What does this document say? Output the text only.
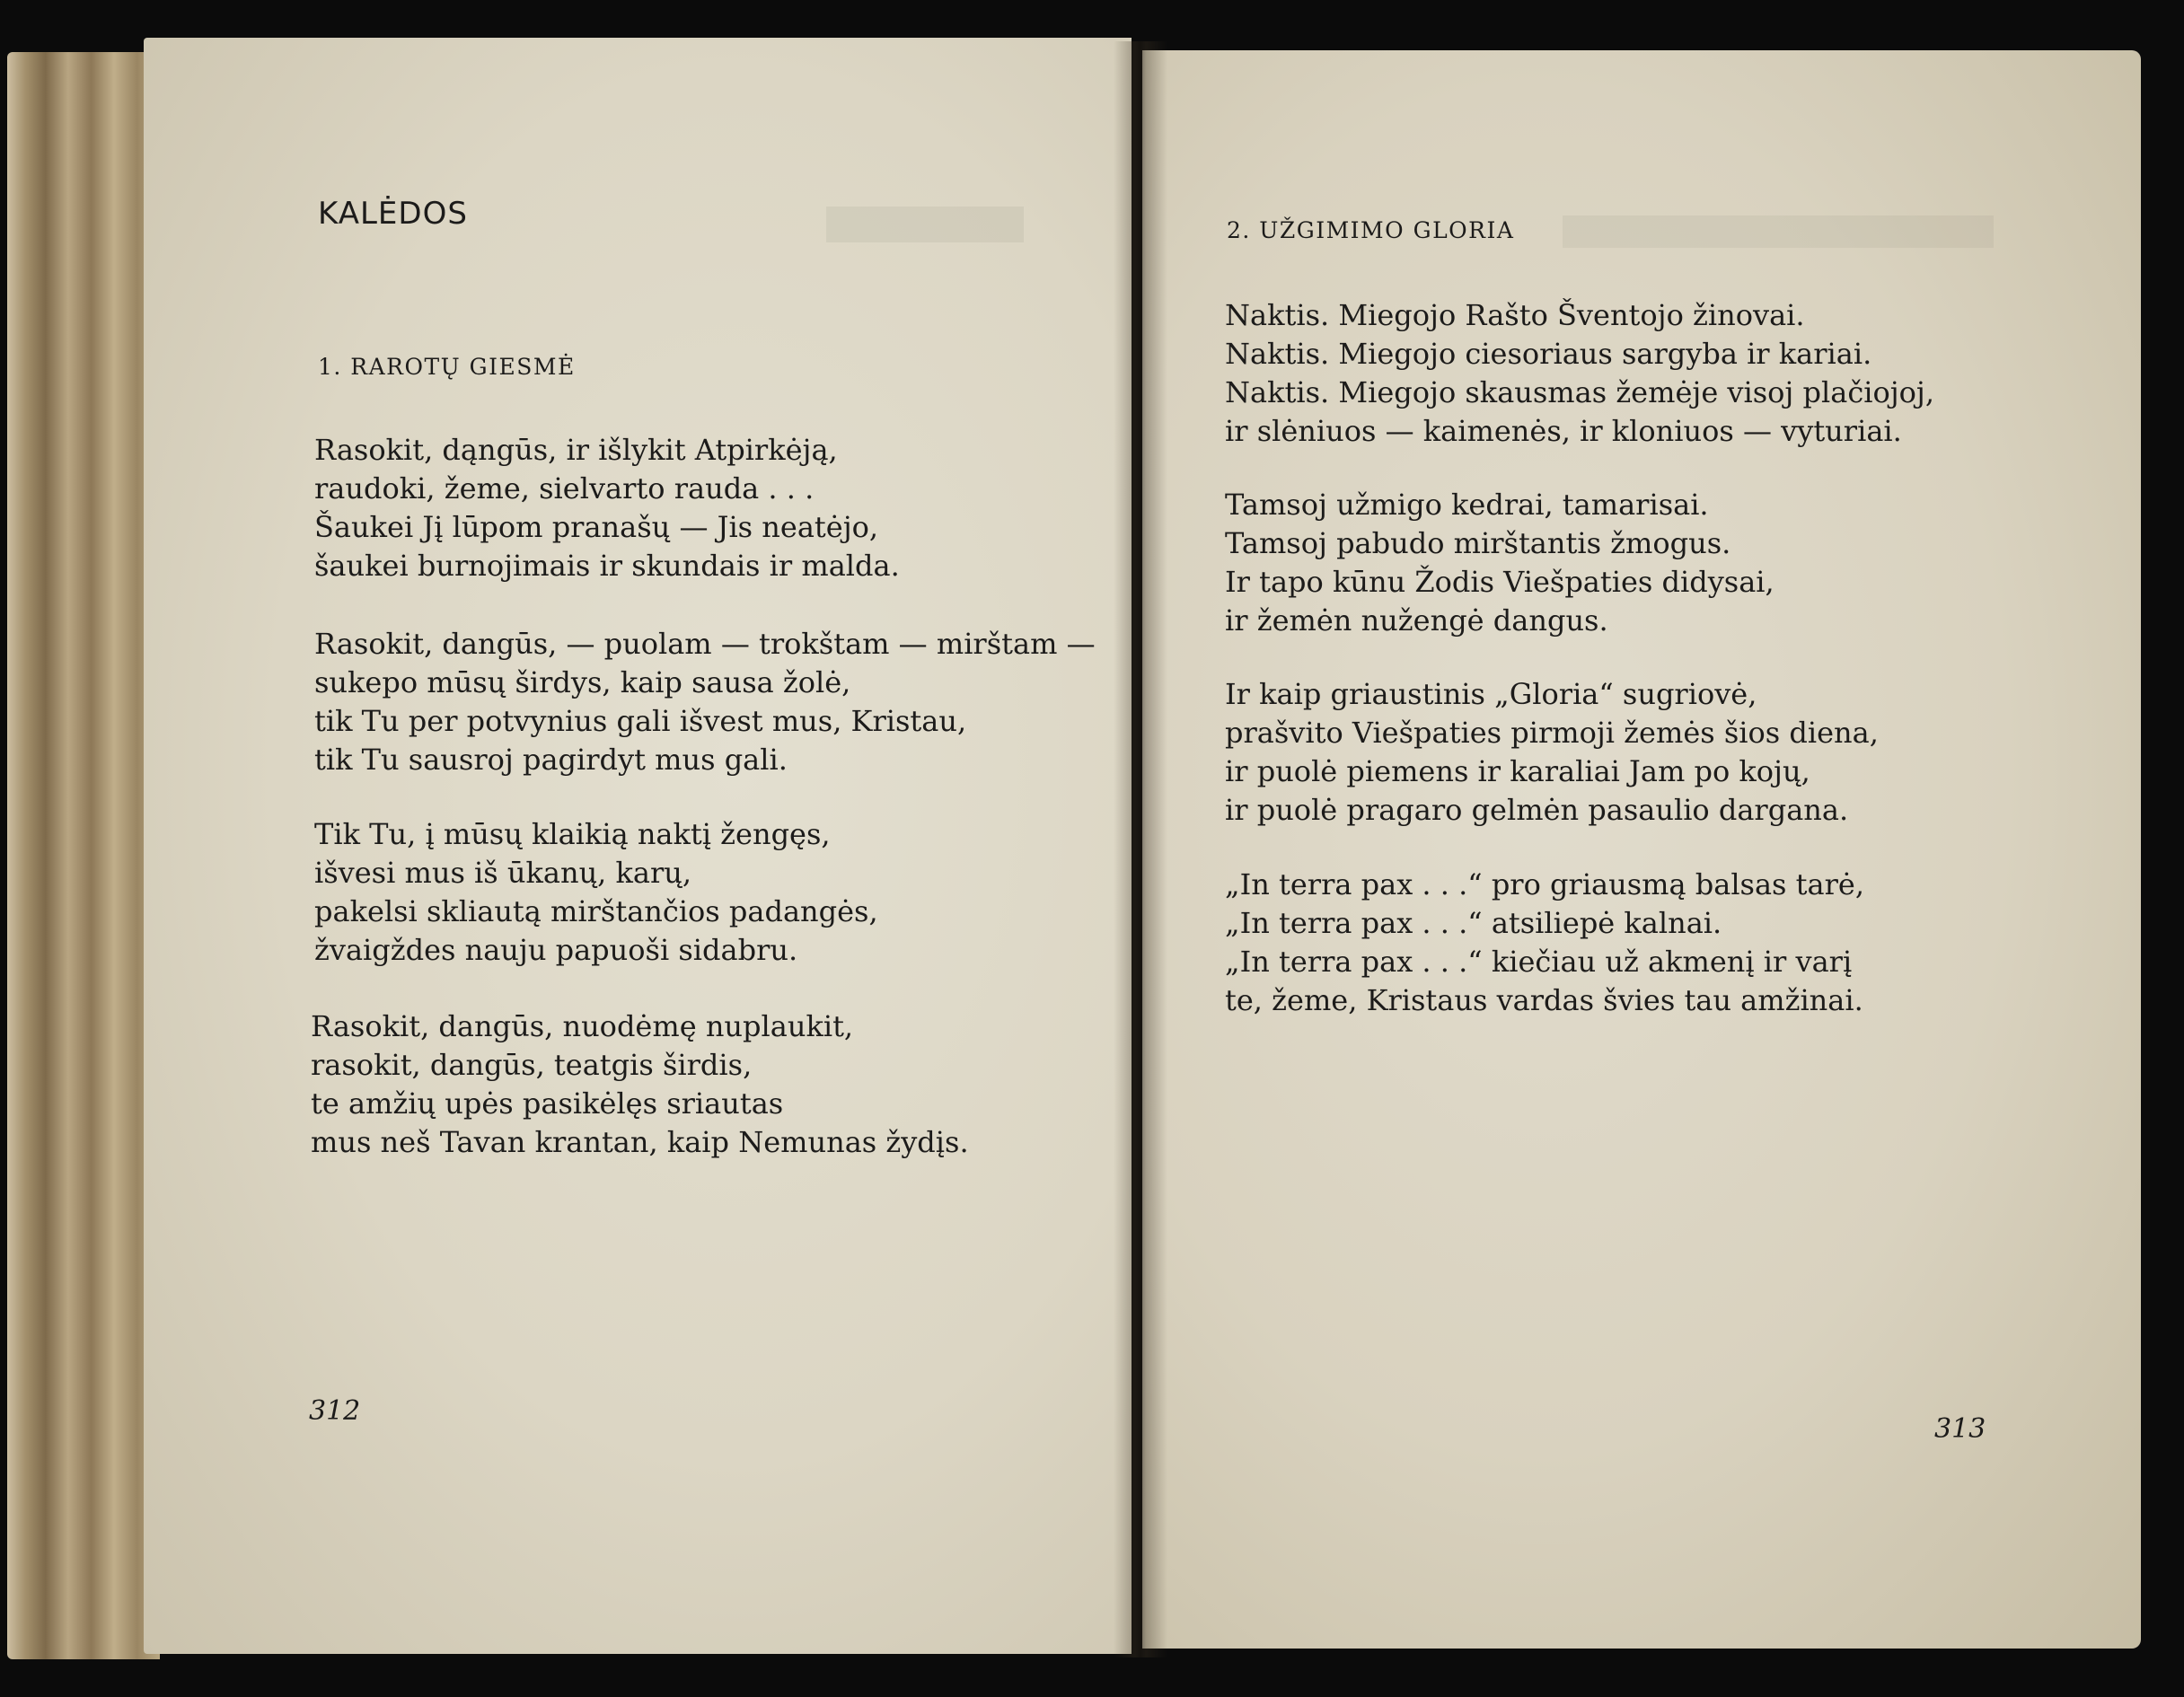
KALĖDOS
1. RAROTŲ GIESMĖ
Rasokit, dąngūs, ir išlykit Atpirkėją,
raudoki, žeme, sielvarto rauda . . .
Šaukei Jį lūpom pranašų — Jis neatėjo,
šaukei burnojimais ir skundais ir malda.
Rasokit, dangūs, — puolam — trokštam — mirštam —
sukepo mūsų širdys, kaip sausa žolė,
tik Tu per potvynius gali išvest mus, Kristau,
tik Tu sausroj pagirdyt mus gali.
Tik Tu, į mūsų klaikią naktį žengęs,
išvesi mus iš ūkanų, karų,
pakelsi skliautą mirštančios padangės,
žvaigždes nauju papuoši sidabru.
Rasokit, dangūs, nuodėmę nuplaukit,
rasokit, dangūs, teatgis širdis,
te amžių upės pasikėlęs sriautas
mus neš Tavan krantan, kaip Nemunas žydįs.
312
2. UŽGIMIMO GLORIA
Naktis. Miegojo Rašto Šventojo žinovai.
Naktis. Miegojo ciesoriaus sargyba ir kariai.
Naktis. Miegojo skausmas žemėje visoj plačiojoj,
ir slėniuos — kaimenės, ir kloniuos — vyturiai.
Tamsoj užmigo kedrai, tamarisai.
Tamsoj pabudo mirštantis žmogus.
Ir tapo kūnu Žodis Viešpaties didysai,
ir žemėn nužengė dangus.
Ir kaip griaustinis „Gloria“ sugriovė,
prašvito Viešpaties pirmoji žemės šios diena,
ir puolė piemens ir karaliai Jam po kojų,
ir puolė pragaro gelmėn pasaulio dargana.
„In terra pax . . .“ pro griausmą balsas tarė,
„In terra pax . . .“ atsiliepė kalnai.
„In terra pax . . .“ kiečiau už akmenį ir varį
te, žeme, Kristaus vardas švies tau amžinai.
313
